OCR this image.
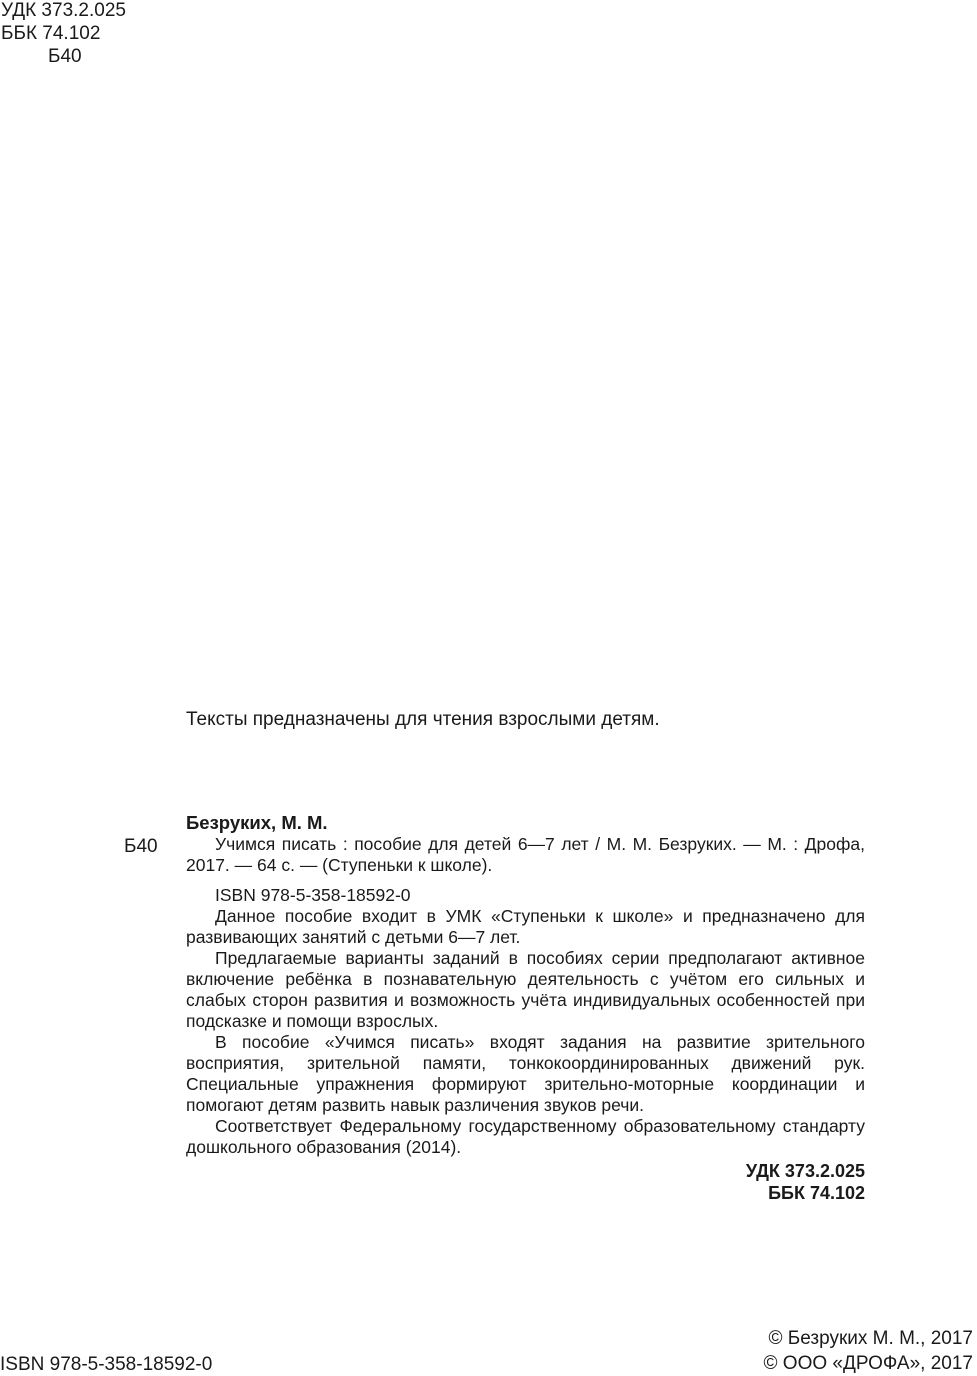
УДК 373.2.025
ББК 74.102
Б40
Тексты предназначены для чтения взрослыми детям.
Б40
Безруких, М. М.

Учимся писать : пособие для детей 6—7 лет / М. М. Безруких. — М. : Дрофа, 2017. — 64 с. — (Ступеньки к школе).

ISBN 978-5-358-18592-0

Данное пособие входит в УМК «Ступеньки к школе» и предназначено для развивающих занятий с детьми 6—7 лет.

Предлагаемые варианты заданий в пособиях серии предполагают активное включение ребёнка в познавательную деятельность с учётом его сильных и слабых сторон развития и возможность учёта индивидуальных особенностей при подсказке и помощи взрослых.

В пособие «Учимся писать» входят задания на развитие зрительного восприятия, зрительной памяти, тонкокоординированных движений рук. Специальные упражнения формируют зрительно-моторные координации и помогают детям развить навык различения звуков речи.

Соответствует Федеральному государственному образовательному стандарту дошкольного образования (2014).

УДК 373.2.025
ББК 74.102
© Безруких М. М., 2017
© ООО «ДРОФА», 2017
ISBN 978-5-358-18592-0
